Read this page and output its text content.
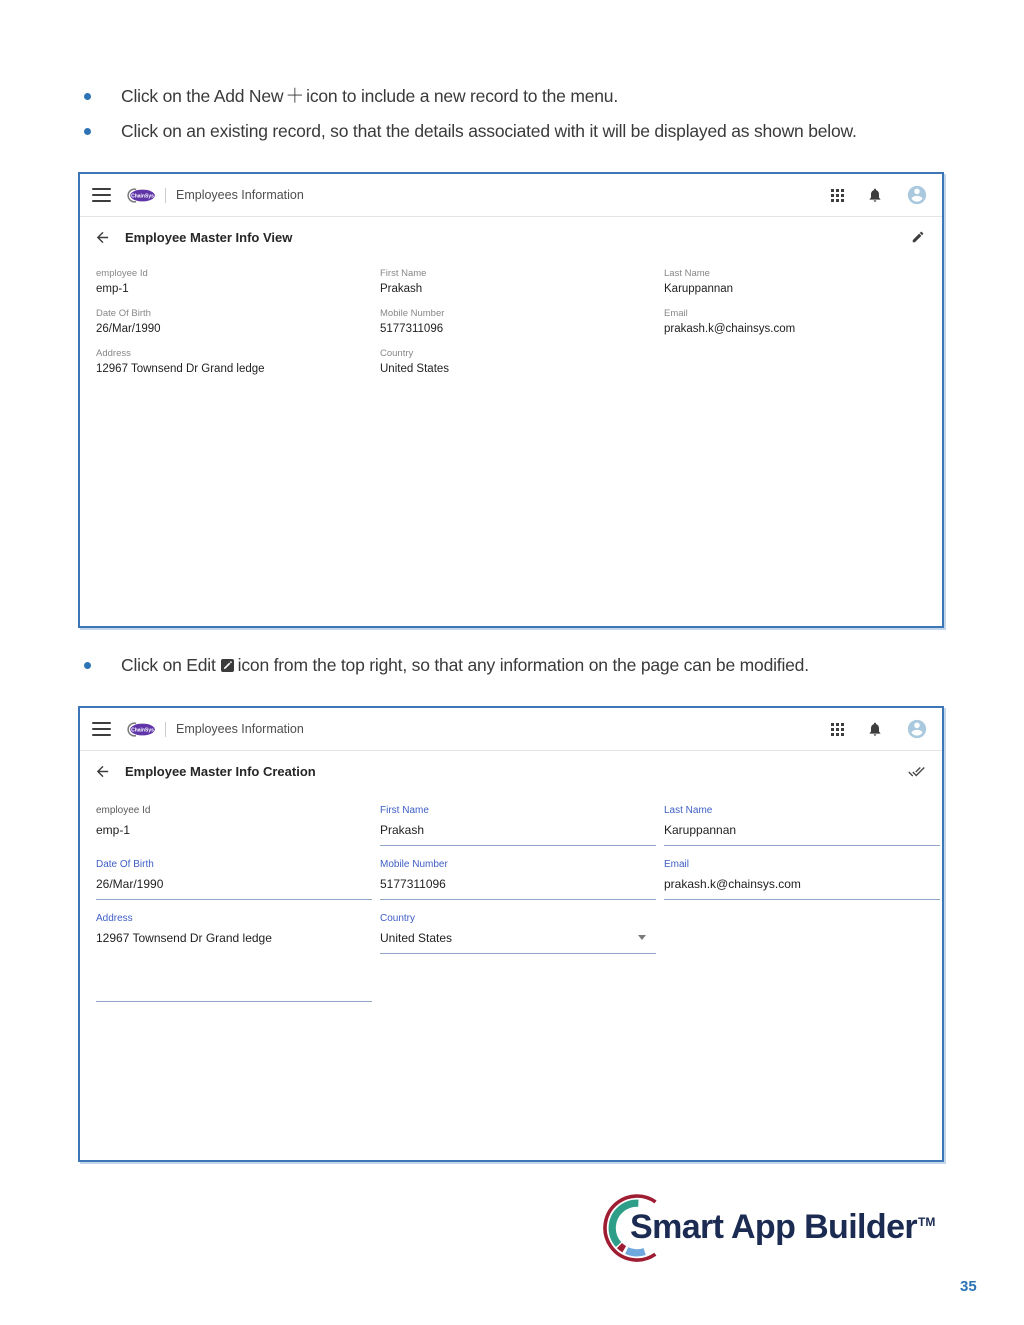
Click on the Add New ＋ icon to include a new record to the menu.
Click on an existing record, so that the details associated with it will be displayed as shown below.
ChainSys Employees Information
Employee Master Info View
employee Id
emp-1
First Name
Prakash
Last Name
Karuppannan
Date Of Birth
26/Mar/1990
Mobile Number
5177311096
Email
prakash.k@chainsys.com
Address
12967 Townsend Dr Grand ledge
Country
United States
Click on Edit icon from the top right, so that any information on the page can be modified.
ChainSys Employees Information
Employee Master Info Creation
employee Id
emp-1
First Name
Prakash
Last Name
Karuppannan
Date Of Birth
26/Mar/1990
Mobile Number
5177311096
Email
prakash.k@chainsys.com
Address
12967 Townsend Dr Grand ledge
Country
United States
Smart App Builder™
35
